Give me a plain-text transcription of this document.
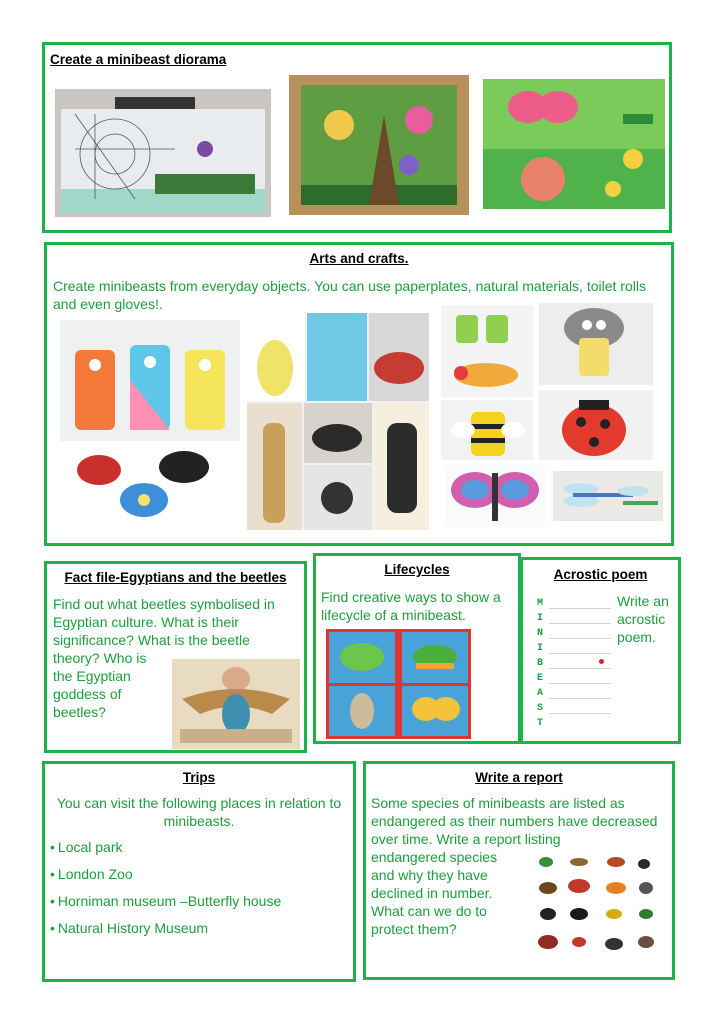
Create a minibeast diorama
Arts and crafts.
Create minibeasts from everyday objects. You can use paperplates, natural materials, toilet rolls and even gloves!.
Fact file-Egyptians and the beetles
Find out what beetles symbolised in Egyptian culture. What is their significance? What is the beetle
theory? Who is
the Egyptian
goddess of
beetles?
Lifecycles
Find creative ways to show a lifecycle of a minibeast.
Acrostic poem
Write an acrostic poem.
M
I
N
I
B
E
A
S
T
Trips
You can visit the following places in relation to
minibeasts.
• Local park
• London Zoo
• Horniman museum –Butterfly house
• Natural History Museum
Write a report
Some species of minibeasts are listed as endangered as their numbers have decreased over time. Write a report listing
endangered species
and why they have
declined in number.
What can we do to
protect them?
